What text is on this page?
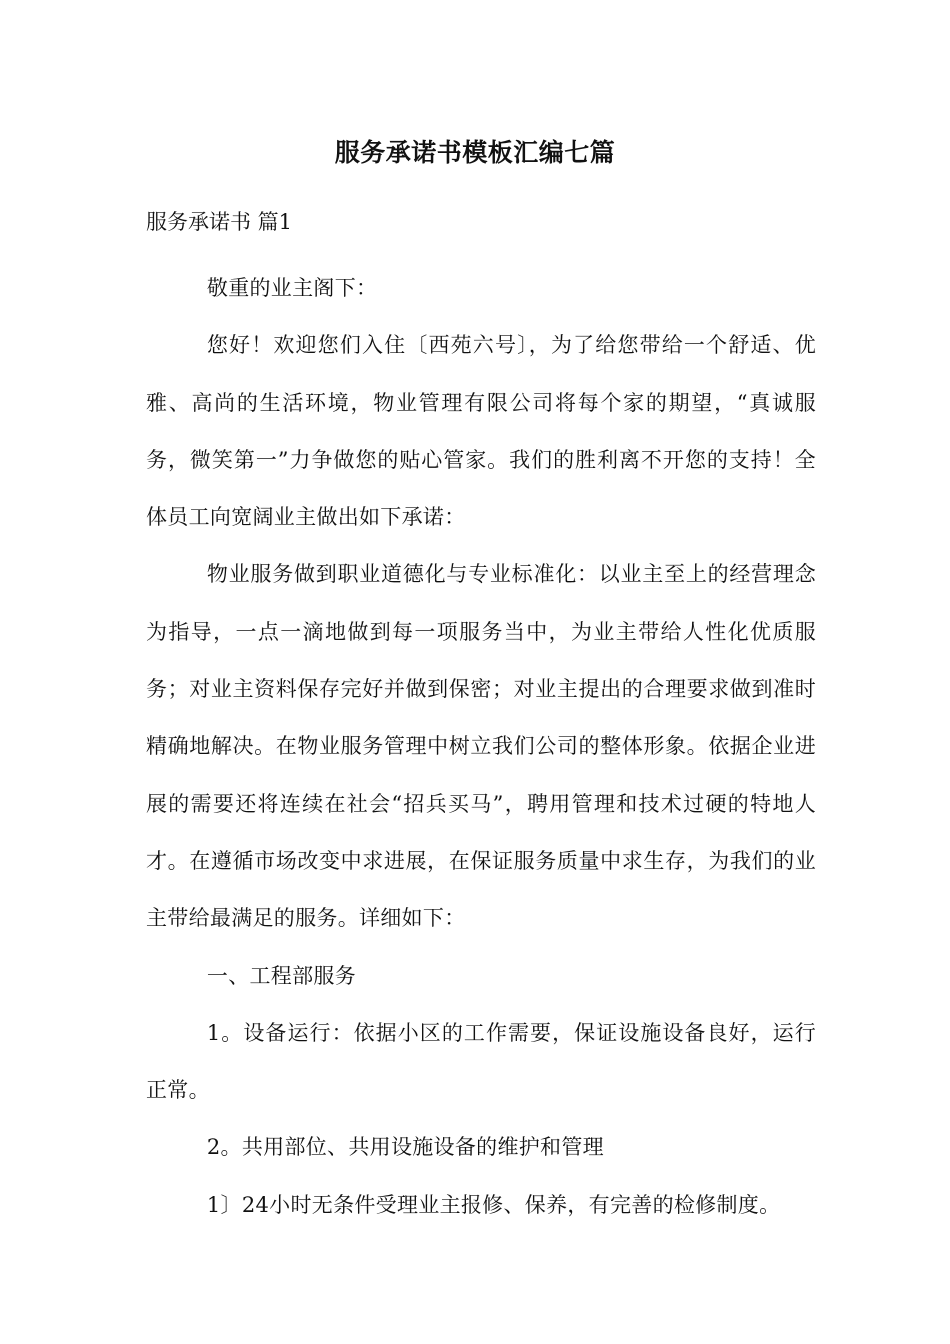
服务承诺书模板汇编七篇
服务承诺书 篇1

敬重的业主阁下：

您好！欢迎您们入住〔西苑六号〕，为了给您带给一个舒适、优雅、高尚的生活环境，物业管理有限公司将每个家的期望，“真诚服务，微笑第一”力争做您的贴心管家。我们的胜利离不开您的支持！全体员工向宽阔业主做出如下承诺：

物业服务做到职业道德化与专业标准化：以业主至上的经营理念为指导，一点一滴地做到每一项服务当中，为业主带给人性化优质服务；对业主资料保存完好并做到保密；对业主提出的合理要求做到准时精确地解决。在物业服务管理中树立我们公司的整体形象。依据企业进展的需要还将连续在社会“招兵买马”，聘用管理和技术过硬的特地人才。在遵循市场改变中求进展，在保证服务质量中求生存，为我们的业主带给最满足的服务。详细如下：

一、工程部服务

1。设备运行：依据小区的工作需要，保证设施设备良好，运行正常。

2。共用部位、共用设施设备的维护和管理

1〕24小时无条件受理业主报修、保养，有完善的检修制度。
